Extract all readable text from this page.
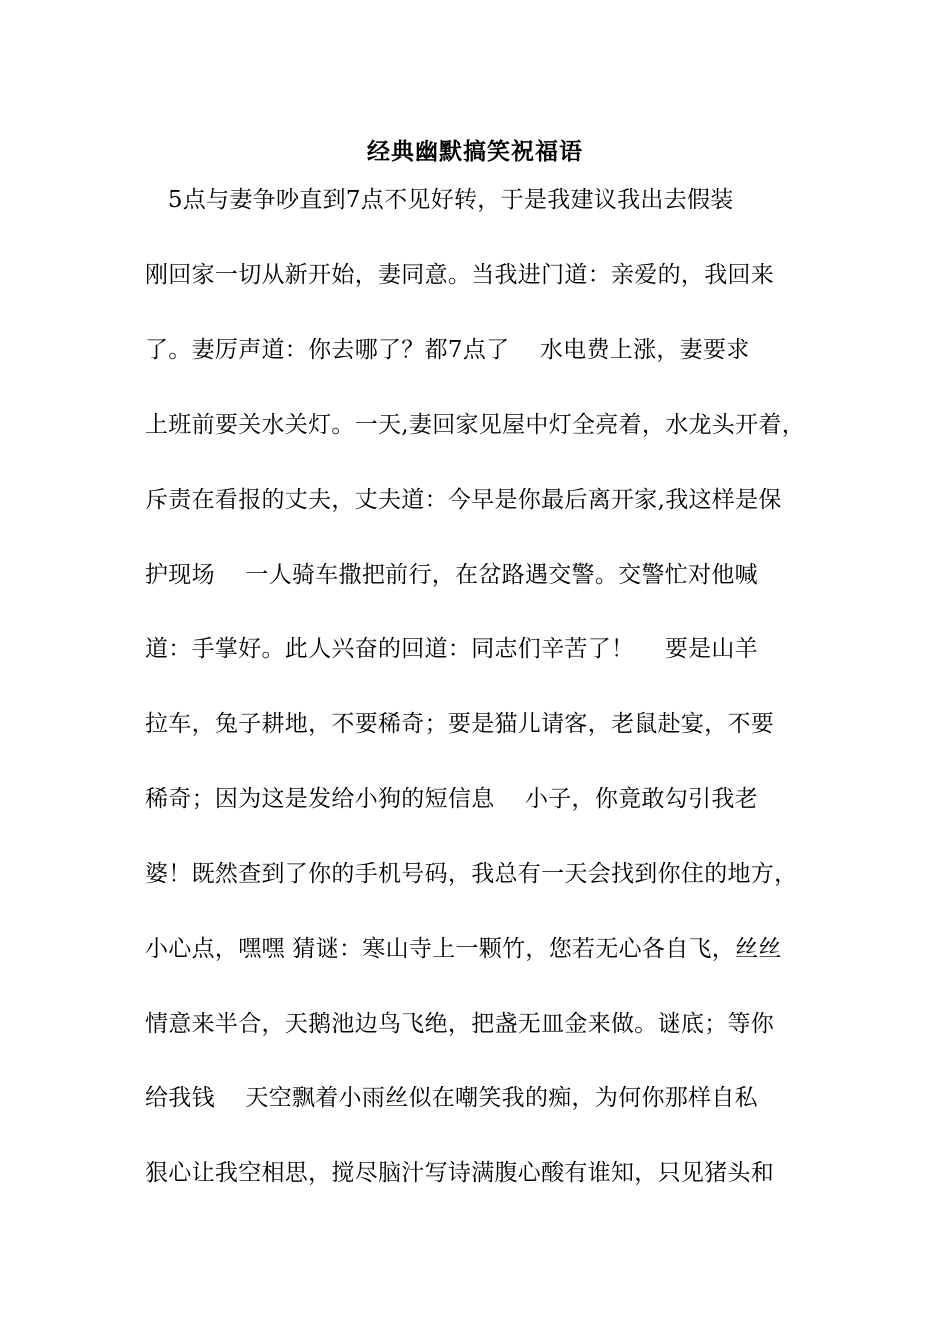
经典幽默搞笑祝福语
5点与妻争吵直到7点不见好转，于是我建议我出去假装
刚回家一切从新开始，妻同意。当我进门道：亲爱的，我回来
了。妻厉声道：你去哪了？都7点了    水电费上涨，妻要求
上班前要关水关灯。一天,妻回家见屋中灯全亮着，水龙头开着，
斥责在看报的丈夫，丈夫道：今早是你最后离开家,我这样是保
护现场    一人骑车撒把前行，在岔路遇交警。交警忙对他喊
道：手掌好。此人兴奋的回道：同志们辛苦了！    要是山羊
拉车，兔子耕地，不要稀奇；要是猫儿请客，老鼠赴宴，不要
稀奇；因为这是发给小狗的短信息    小子，你竟敢勾引我老
婆！既然查到了你的手机号码，我总有一天会找到你住的地方，
小心点，嘿嘿 猜谜：寒山寺上一颗竹，您若无心各自飞，丝丝
情意来半合，天鹅池边鸟飞绝，把盏无皿金来做。谜底；等你
给我钱    天空飘着小雨丝似在嘲笑我的痴，为何你那样自私
狠心让我空相思，搅尽脑汁写诗满腹心酸有谁知，只见猪头和
